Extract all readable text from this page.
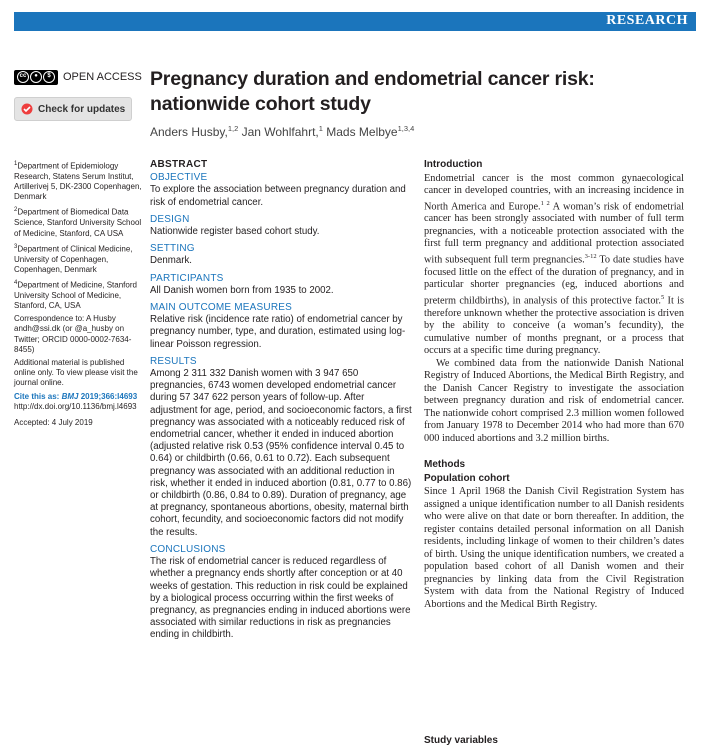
RESEARCH
cc	●	$	OPEN ACCESS
Check for updates
Pregnancy duration and endometrial cancer risk: nationwide cohort study
Anders Husby,$^{1,2}$ Jan Wohlfahrt,$^1$ Mads Melbye$^{1,3,4}$

$^1$Department of Epidemiology Research, Statens Serum Institut, Artillerivej 5, DK-2300 Copenhagen, Denmark

$^2$Department of Biomedical Data Science, Stanford University School of Medicine, Stanford, CA USA

$^3$Department of Clinical Medicine, University of Copenhagen, Copenhagen, Denmark

$^4$Department of Medicine, Stanford University School of Medicine, Stanford, CA, USA

Correspondence to: A Husby andh@ssi.dk (or @a_husby on Twitter; ORCID 0000-0002-7634-8455)

Additional material is published online only. To view please visit the journal online.

Cite this as: BMJ 2019;366:l4693
http://dx.doi.org/10.1136/bmj.l4693

Accepted: 4 July 2019

ABSTRACT
OBJECTIVE

To explore the association between pregnancy duration and risk of endometrial cancer.

DESIGN

Nationwide register based cohort study.

SETTING

Denmark.

PARTICIPANTS

All Danish women born from 1935 to 2002.

MAIN OUTCOME MEASURES

Relative risk (incidence rate ratio) of endometrial cancer by pregnancy number, type, and duration, estimated using log-linear Poisson regression.

RESULTS

Among 2 311 332 Danish women with 3 947 650 pregnancies, 6743 women developed endometrial cancer during 57 347 622 person years of follow-up. After adjustment for age, period, and socioeconomic factors, a first pregnancy was associated with a noticeably reduced risk of endometrial cancer, whether it ended in induced abortion (adjusted relative risk 0.53 (95% confidence interval 0.45 to 0.64) or childbirth (0.66, 0.61 to 0.72). Each subsequent pregnancy was associated with an additional reduction in risk, whether it ended in induced abortion (0.81, 0.77 to 0.86) or childbirth (0.86, 0.84 to 0.89). Duration of pregnancy, age at pregnancy, spontaneous abortions, obesity, maternal birth cohort, fecundity, and socioeconomic factors did not modify the results.

CONCLUSIONS

The risk of endometrial cancer is reduced regardless of whether a pregnancy ends shortly after conception or at 40 weeks of gestation. This reduction in risk could be explained by a biological process occurring within the first weeks of pregnancy, as pregnancies ending in induced abortions were associated with similar reductions in risk as pregnancies ending in childbirth.

Introduction

Endometrial cancer is the most common gynaecological cancer in developed countries, with an increasing incidence in North America and Europe.$^{1 2}$ A woman’s risk of endometrial cancer has been strongly associated with number of full term pregnancies, with a noticeable protection associated with the first full term pregnancy and additional protection associated with subsequent full term pregnancies.$^{3-12}$ To date studies have focused little on the effect of the duration of pregnancy, and in particular shorter pregnancies (eg, induced abortions and preterm childbirths), in analysis of this protective factor.$^5$ It is therefore unknown whether the protective association is driven by the ability to conceive (a woman’s fecundity), the cumulative number of months pregnant, or a process that occurs at a specific time during pregnancy.

We combined data from the nationwide Danish National Registry of Induced Abortions, the Medical Birth Registry, and the Danish Cancer Registry to investigate the association between pregnancy duration and risk of endometrial cancer. The nationwide cohort comprised 2.3 million women followed from January 1978 to December 2014 who had more than 670 000 induced abortions and 3.2 million births.

Methods
Population cohort

Since 1 April 1968 the Danish Civil Registration System has assigned a unique identification number to all Danish residents who were alive on that date or born thereafter. In addition, the register contains detailed personal information on all Danish residents, including linkage of women to their children’s dates of birth. Using the unique identification numbers, we created a population based cohort of all Danish women and their pregnancies by linking data from the Civil Registration System with data from the National Registry of Induced Abortions and the Medical Birth Registry.

Study variables
